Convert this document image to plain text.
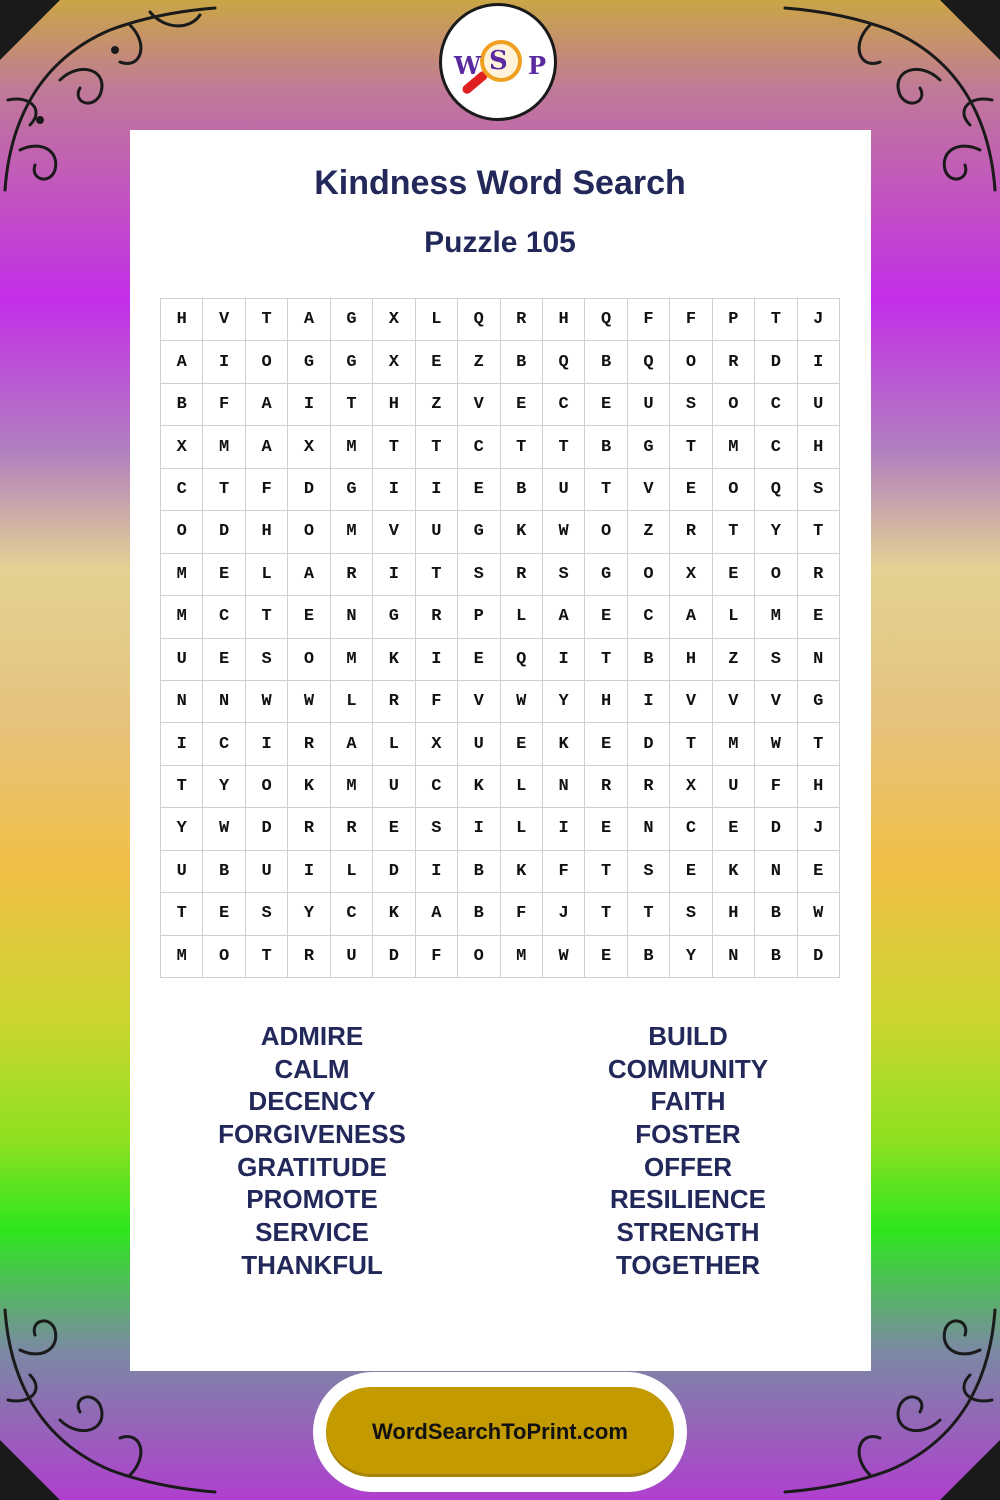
W S P
Kindness Word Search
Puzzle 105
H	V	T	A	G	X	L	Q	R	H	Q	F	F	P	T	J
A	I	O	G	G	X	E	Z	B	Q	B	Q	O	R	D	I
B	F	A	I	T	H	Z	V	E	C	E	U	S	O	C	U
X	M	A	X	M	T	T	C	T	T	B	G	T	M	C	H
C	T	F	D	G	I	I	E	B	U	T	V	E	O	Q	S
O	D	H	O	M	V	U	G	K	W	O	Z	R	T	Y	T
M	E	L	A	R	I	T	S	R	S	G	O	X	E	O	R
M	C	T	E	N	G	R	P	L	A	E	C	A	L	M	E
U	E	S	O	M	K	I	E	Q	I	T	B	H	Z	S	N
N	N	W	W	L	R	F	V	W	Y	H	I	V	V	V	G
I	C	I	R	A	L	X	U	E	K	E	D	T	M	W	T
T	Y	O	K	M	U	C	K	L	N	R	R	X	U	F	H
Y	W	D	R	R	E	S	I	L	I	E	N	C	E	D	J
U	B	U	I	L	D	I	B	K	F	T	S	E	K	N	E
T	E	S	Y	C	K	A	B	F	J	T	T	S	H	B	W
M	O	T	R	U	D	F	O	M	W	E	B	Y	N	B	D
ADMIRE
CALM
DECENCY
FORGIVENESS
GRATITUDE
PROMOTE
SERVICE
THANKFUL
BUILD
COMMUNITY
FAITH
FOSTER
OFFER
RESILIENCE
STRENGTH
TOGETHER
WordSearchToPrint.com
